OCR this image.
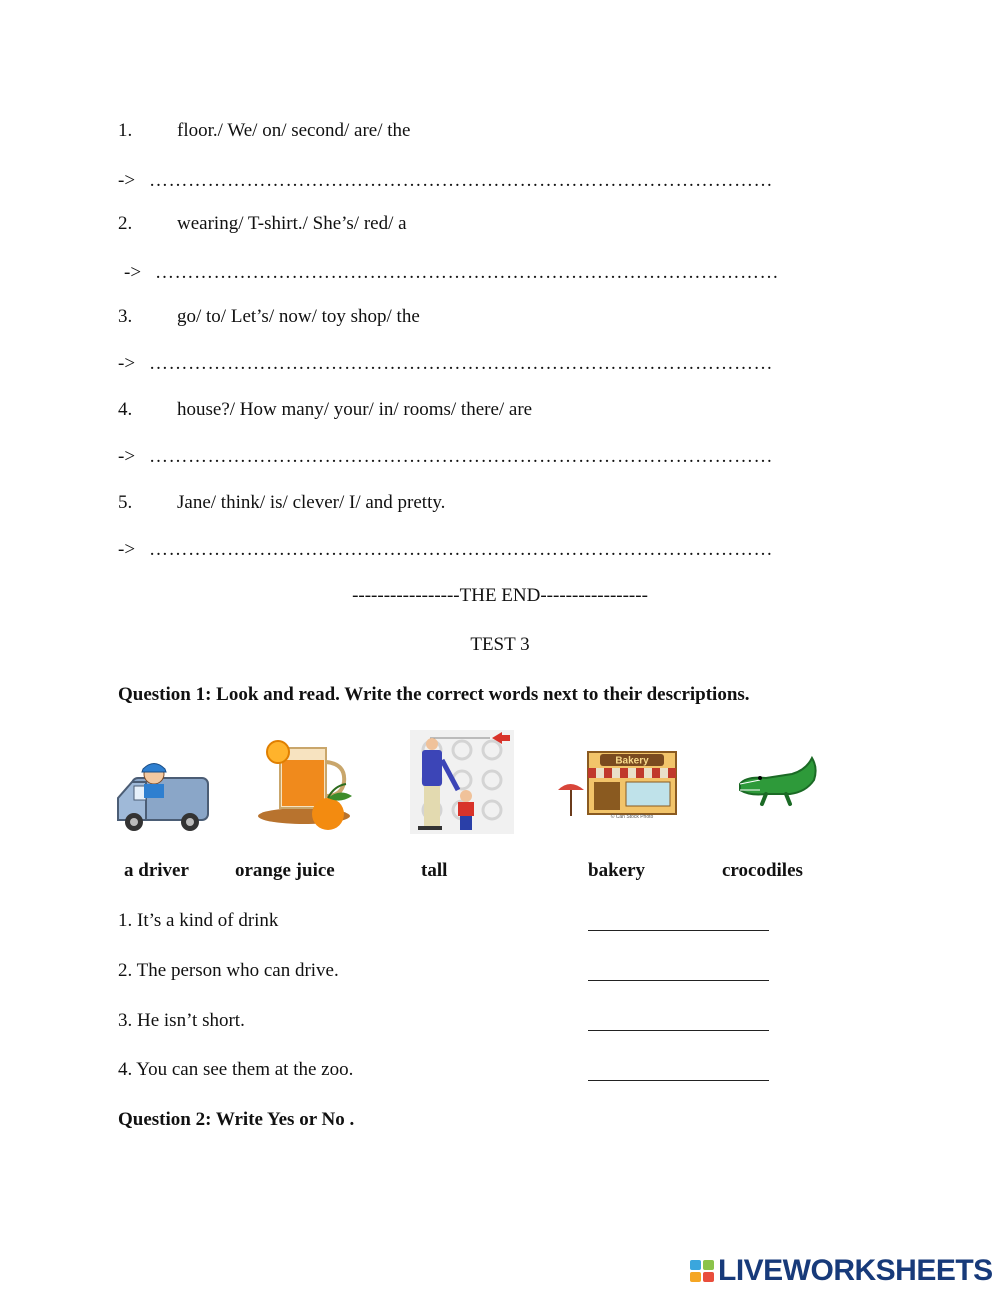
1. floor./ We/ on/ second/ are/ the
-> ……………………………………………………………………………………
2. wearing/ T-shirt./ She’s/ red/ a
-> ……………………………………………………………………………………
3. go/ to/ Let’s/ now/ toy shop/ the
-> ……………………………………………………………………………………
4. house?/ How many/ your/ in/ rooms/ there/ are
-> ……………………………………………………………………………………
5. Jane/ think/ is/ clever/ I/ and pretty.
-> ……………………………………………………………………………………
-----------------THE END-----------------
TEST 3
Question 1: Look and read. Write the correct words next to their descriptions.
Bakery
© Can Stock Photo
a driver orange juice	tall	bakery	crocodiles
1. It’s a kind of drink
2. The person who can drive.
3. He isn’t short.
4. You can see them at the zoo.
Question 2: Write Yes or No .
LIVEWORKSHEETS
